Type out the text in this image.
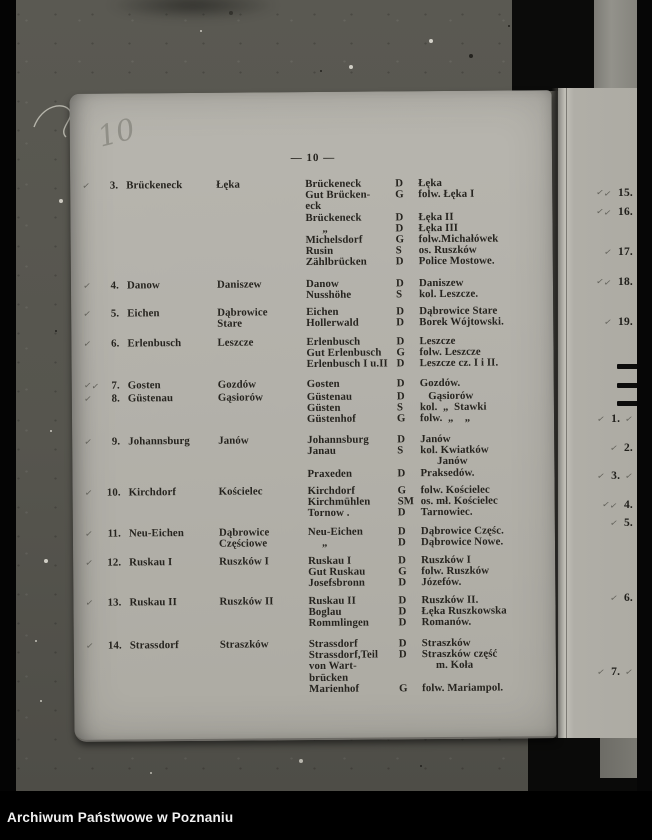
✓✓ 15.
✓✓ 16.
✓ 17.
✓✓ 18.
✓ 19.
✓ 1. ✓
✓ 2.
✓ 3. ✓
✓✓ 4.
✓ 5.
✓ 6.
✓ 7. ✓
10
— 10 —
✓	3. Brückeneck	Łęka	Brückeneck	D	Łęka
Gut Brücken-
eck
G	folw. Łęka I
Brückeneck	D	Łęka II
„	D	Łęka III
Michelsdorf	G	folw.Michałówek
Rusin	S	os. Ruszków
Zählbrücken	D	Police Mostowe.
✓	4. Danow	Daniszew	Danow	D	Daniszew
Nusshöhe	S	kol. Leszcze.
✓	5. Eichen	Dąbrowice
Stare
Eichen	D	Dąbrowice Stare
Hollerwald	D	Borek Wójtowski.
✓	6. Erlenbusch	Leszcze	Erlenbusch	D	Leszcze
Gut Erlenbusch	G	folw. Leszcze
Erlenbusch I u.II D	Leszcze cz. I i II.
✓✓	7. Gosten	Gozdów	Gosten	D	Gozdów.
✓	8. Güstenau	Gąsiorów	Güstenau	D	Gąsiorów
Güsten	S	kol.  „  Stawki
Güstenhof	G	folw.  „    „
✓	9. Johannsburg	Janów	Johannsburg	D	Janów
Janau	S	kol. Kwiatków
Janów
Praxeden	D	Praksedów.
✓	10. Kirchdorf	Kościelec	Kirchdorf	G	folw. Kościelec
Kirchmühlen	SM os. mł. Kościelec
Tornow .	D	Tarnowiec.
✓	11. Neu-Eichen	Dąbrowice
Częściowe
Neu-Eichen	D	Dąbrowice Częśc.
„	D	Dąbrowice Nowe.
✓	12. Ruskau I	Ruszków I	Ruskau I	D	Ruszków I
Gut Ruskau	G	folw. Ruszków
Josefsbronn	D	Józefów.
✓	13. Ruskau II	Ruszków II	Ruskau II	D	Ruszków II.
Boglau	D	Łęka Ruszkowska
Rommlingen	D	Romanów.
✓	14. Strassdorf	Straszków	Strassdorf	D	Straszków
Strassdorf,Teil
von Wart-
brücken
D	Straszków część
m. Koła
Marienhof	G	folw. Mariampol.
Archiwum Państwowe w Poznaniu
